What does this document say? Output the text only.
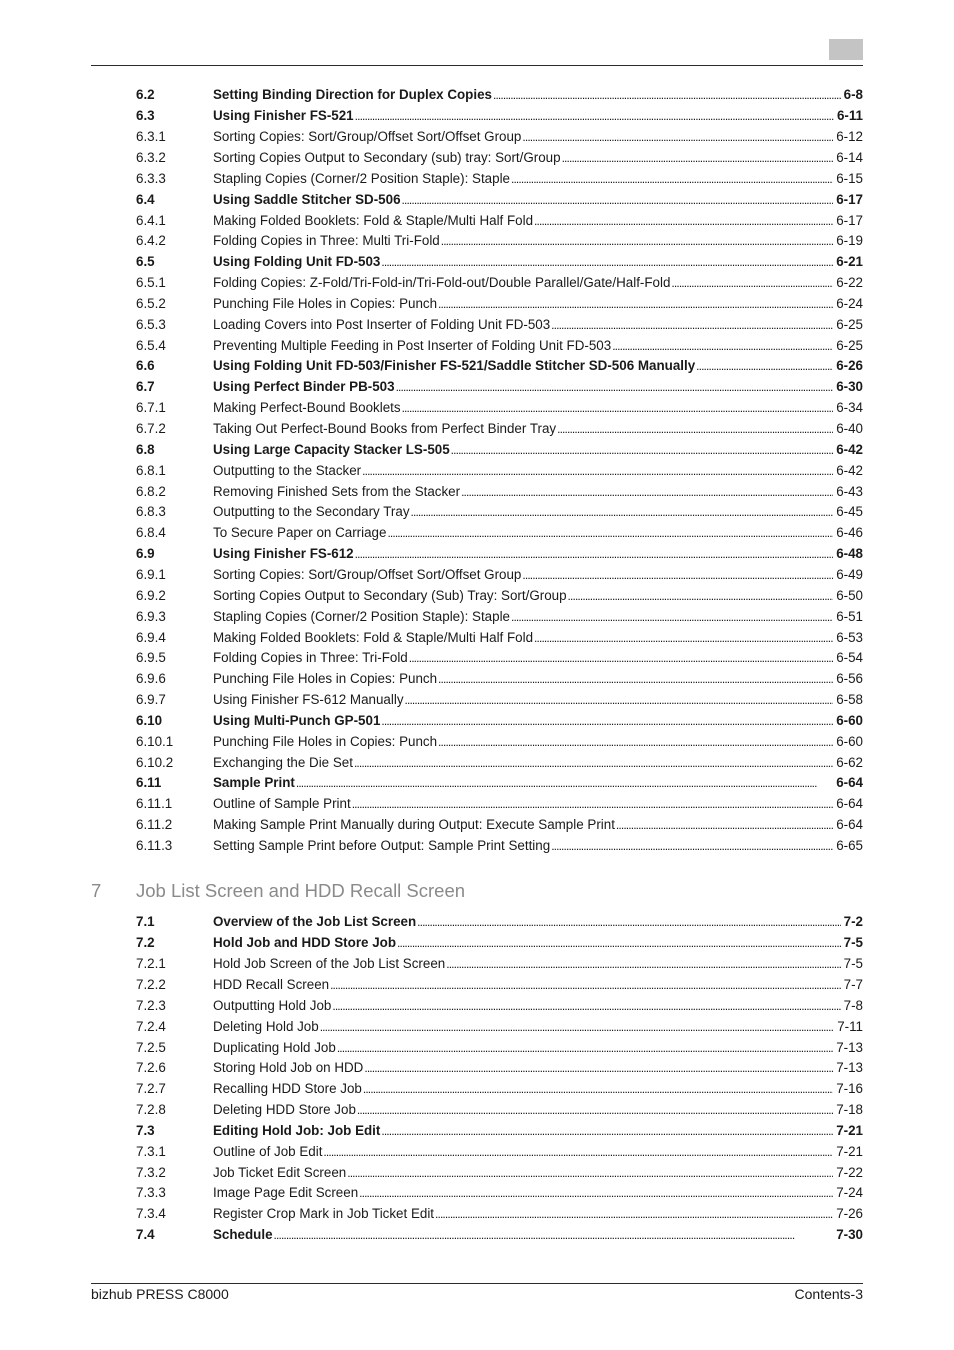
6.2	Setting Binding Direction for Duplex Copies . . .	6-8
6.3	Using Finisher FS-521 . . .	6-11
6.3.1	Sorting Copies: Sort/Group/Offset Sort/Offset Group . . .	6-12
6.3.2	Sorting Copies Output to Secondary (sub) tray: Sort/Group . . .	6-14
6.3.3	Stapling Copies (Corner/2 Position Staple): Staple . . .	6-15
6.4	Using Saddle Stitcher SD-506 . . .	6-17
6.4.1	Making Folded Booklets: Fold & Staple/Multi Half Fold . . .	6-17
6.4.2	Folding Copies in Three: Multi Tri-Fold . . .	6-19
6.5	Using Folding Unit FD-503 . . .	6-21
6.5.1	Folding Copies: Z-Fold/Tri-Fold-in/Tri-Fold-out/Double Parallel/Gate/Half-Fold . . .	6-22
6.5.2	Punching File Holes in Copies: Punch . . .	6-24
6.5.3	Loading Covers into Post Inserter of Folding Unit FD-503 . . .	6-25
6.5.4	Preventing Multiple Feeding in Post Inserter of Folding Unit FD-503 . . .	6-25
6.6	Using Folding Unit FD-503/Finisher FS-521/Saddle Stitcher SD-506 Manually . . .	6-26
6.7	Using Perfect Binder PB-503 . . .	6-30
6.7.1	Making Perfect-Bound Booklets . . .	6-34
6.7.2	Taking Out Perfect-Bound Books from Perfect Binder Tray . . .	6-40
6.8	Using Large Capacity Stacker LS-505 . . .	6-42
6.8.1	Outputting to the Stacker . . .	6-42
6.8.2	Removing Finished Sets from the Stacker . . .	6-43
6.8.3	Outputting to the Secondary Tray . . .	6-45
6.8.4	To Secure Paper on Carriage . . .	6-46
6.9	Using Finisher FS-612 . . .	6-48
6.9.1	Sorting Copies: Sort/Group/Offset Sort/Offset Group . . .	6-49
6.9.2	Sorting Copies Output to Secondary (Sub) Tray: Sort/Group . . .	6-50
6.9.3	Stapling Copies (Corner/2 Position Staple): Staple . . .	6-51
6.9.4	Making Folded Booklets: Fold & Staple/Multi Half Fold . . .	6-53
6.9.5	Folding Copies in Three: Tri-Fold . . .	6-54
6.9.6	Punching File Holes in Copies: Punch . . .	6-56
6.9.7	Using Finisher FS-612 Manually . . .	6-58
6.10	Using Multi-Punch GP-501 . . .	6-60
6.10.1	Punching File Holes in Copies: Punch . . .	6-60
6.10.2	Exchanging the Die Set . . .	6-62
6.11	Sample Print . . .	6-64
6.11.1	Outline of Sample Print . . .	6-64
6.11.2	Making Sample Print Manually during Output: Execute Sample Print . . .	6-64
6.11.3	Setting Sample Print before Output: Sample Print Setting . . .	6-65
7	Job List Screen and HDD Recall Screen
7.1	Overview of the Job List Screen . . .	7-2
7.2	Hold Job and HDD Store Job . . .	7-5
7.2.1	Hold Job Screen of the Job List Screen . . .	7-5
7.2.2	HDD Recall Screen . . .	7-7
7.2.3	Outputting Hold Job . . .	7-8
7.2.4	Deleting Hold Job . . .	7-11
7.2.5	Duplicating Hold Job . . .	7-13
7.2.6	Storing Hold Job on HDD . . .	7-13
7.2.7	Recalling HDD Store Job . . .	7-16
7.2.8	Deleting HDD Store Job . . .	7-18
7.3	Editing Hold Job: Job Edit . . .	7-21
7.3.1	Outline of Job Edit . . .	7-21
7.3.2	Job Ticket Edit Screen . . .	7-22
7.3.3	Image Page Edit Screen . . .	7-24
7.3.4	Register Crop Mark in Job Ticket Edit . . .	7-26
7.4	Schedule . . .	7-30
bizhub PRESS C8000	Contents-3
